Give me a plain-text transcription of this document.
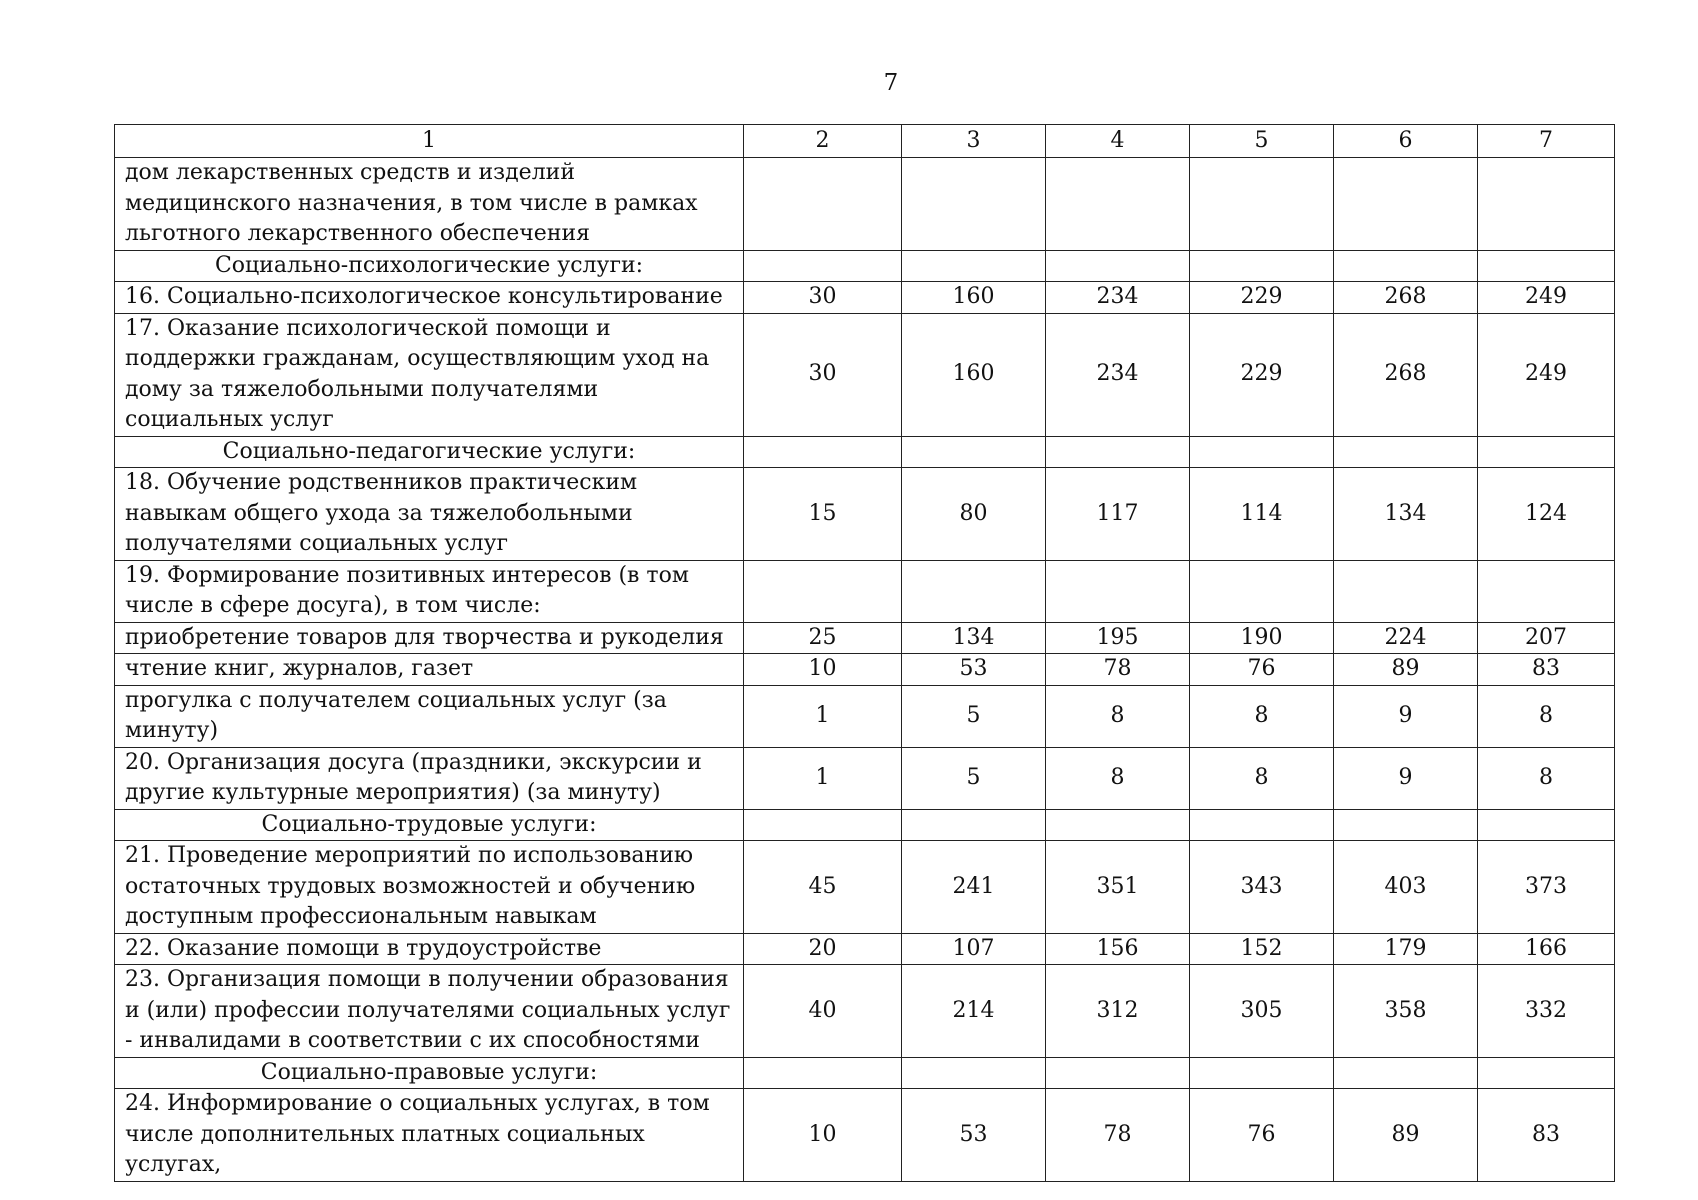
7
1	2	3	4	5	6	7
дом лекарственных средств и изделий медицинского назначения, в том числе в рамках льготного лекарственного обеспечения						
Социально-психологические услуги:						
16. Социально-психологическое консультирование	30	160	234	229	268	249
17. Оказание психологической помощи и поддержки гражданам, осуществляющим уход на дому за тяжелобольными получателями социальных услуг	30	160	234	229	268	249
Социально-педагогические услуги:						
18. Обучение родственников практическим навыкам общего ухода за тяжелобольными получателями социальных услуг	15	80	117	114	134	124
19. Формирование позитивных интересов (в том числе в сфере досуга), в том числе:						
приобретение товаров для творчества и рукоделия	25	134	195	190	224	207
чтение книг, журналов, газет	10	53	78	76	89	83
прогулка с получателем социальных услуг (за минуту)	1	5	8	8	9	8
20. Организация досуга (праздники, экскурсии и другие культурные мероприятия) (за минуту)	1	5	8	8	9	8
Социально-трудовые услуги:						
21. Проведение мероприятий по использованию остаточных трудовых возможностей и обучению доступным профессиональным навыкам	45	241	351	343	403	373
22. Оказание помощи в трудоустройстве	20	107	156	152	179	166
23. Организация помощи в получении образования и (или) профессии получателями социальных услуг - инвалидами в соответствии с их способностями	40	214	312	305	358	332
Социально-правовые услуги:						
24. Информирование о социальных услугах, в том числе дополнительных платных социальных услугах,	10	53	78	76	89	83
